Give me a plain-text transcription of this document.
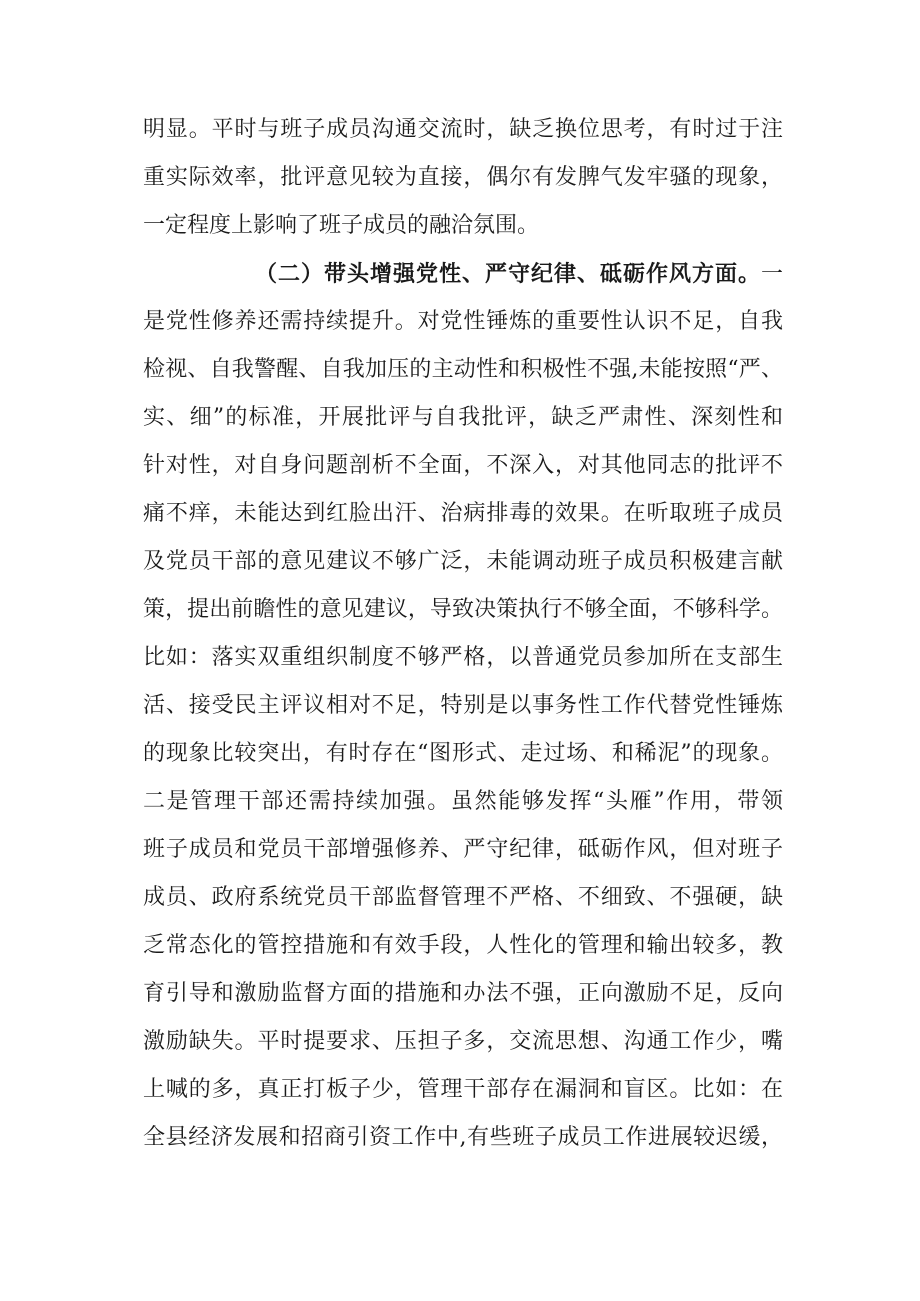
明显。平时与班子成员沟通交流时，缺乏换位思考，有时过于注
重实际效率，批评意见较为直接，偶尔有发脾气发牢骚的现象，
一定程度上影响了班子成员的融洽氛围。
（二）带头增强党性、严守纪律、砥砺作风方面。一
是党性修养还需持续提升。对党性锤炼的重要性认识不足，自我
检视、自我警醒、自我加压的主动性和积极性不强,未能按照“严、
实、细”的标准，开展批评与自我批评，缺乏严肃性、深刻性和
针对性，对自身问题剖析不全面，不深入，对其他同志的批评不
痛不痒，未能达到红脸出汗、治病排毒的效果。在听取班子成员
及党员干部的意见建议不够广泛，未能调动班子成员积极建言献
策，提出前瞻性的意见建议，导致决策执行不够全面，不够科学。
比如：落实双重组织制度不够严格，以普通党员参加所在支部生
活、接受民主评议相对不足，特别是以事务性工作代替党性锤炼
的现象比较突出，有时存在“图形式、走过场、和稀泥”的现象。
二是管理干部还需持续加强。虽然能够发挥“头雁”作用，带领
班子成员和党员干部增强修养、严守纪律，砥砺作风，但对班子
成员、政府系统党员干部监督管理不严格、不细致、不强硬，缺
乏常态化的管控措施和有效手段，人性化的管理和输出较多，教
育引导和激励监督方面的措施和办法不强，正向激励不足，反向
激励缺失。平时提要求、压担子多，交流思想、沟通工作少，嘴
上喊的多，真正打板子少，管理干部存在漏洞和盲区。比如：在
全县经济发展和招商引资工作中,有些班子成员工作进展较迟缓，
